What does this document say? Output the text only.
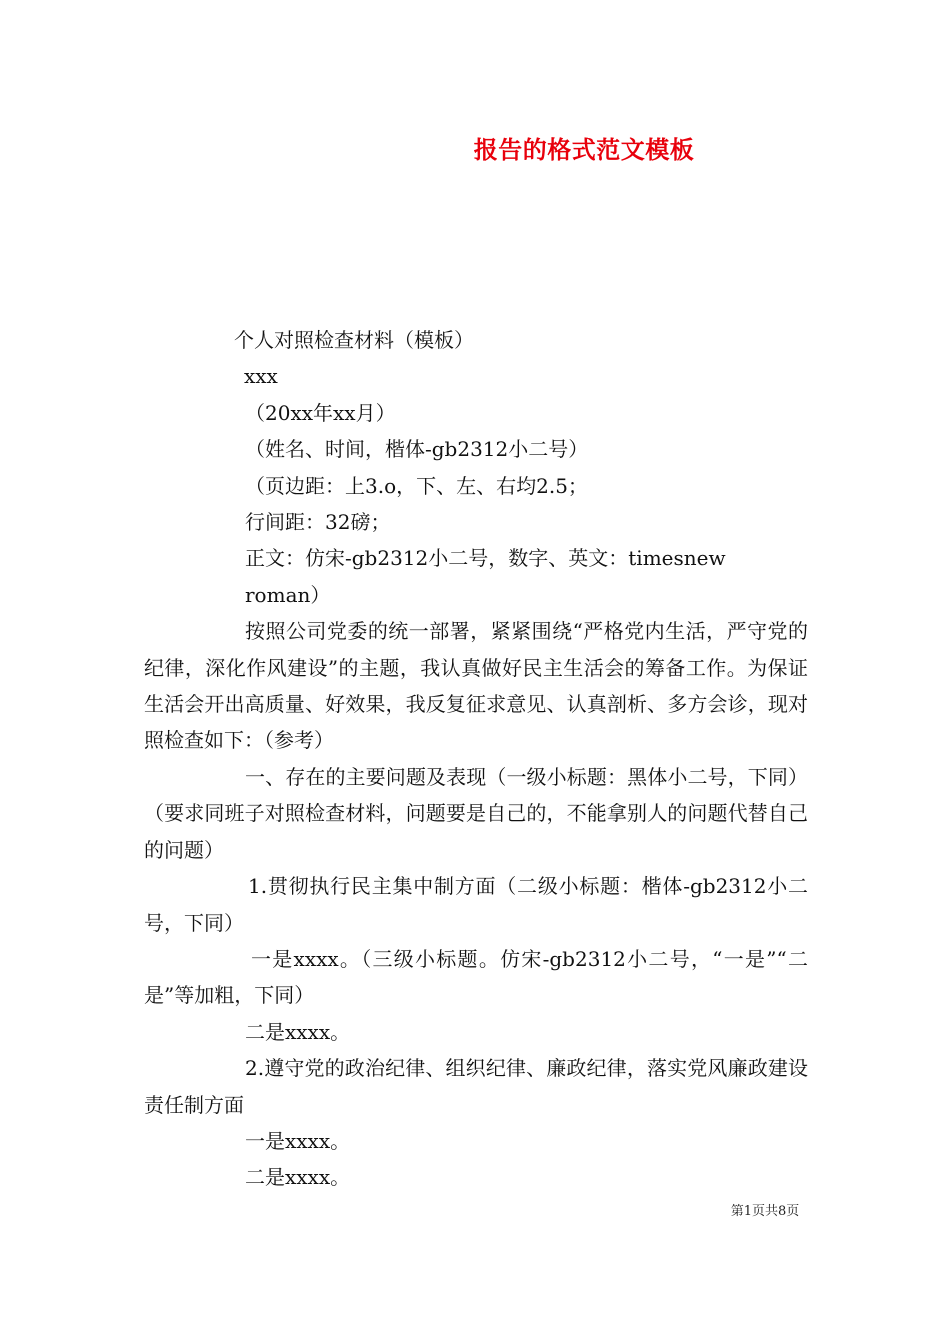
报告的格式范文模板

个人对照检查材料（模板）

xxx

（20xx年xx月）

（姓名、时间，楷体-gb2312小二号）

（页边距：上3.o，下、左、右均2.5；

行间距：32磅；

正文：仿宋-gb2312小二号，数字、英文：timesnew

roman）

按照公司党委的统一部署，紧紧围绕“严格党内生活，严守党的纪律，深化作风建设”的主题，我认真做好民主生活会的筹备工作。为保证生活会开出高质量、好效果，我反复征求意见、认真剖析、多方会诊，现对照检查如下：（参考）

一、存在的主要问题及表现（一级小标题：黑体小二号，下同）（要求同班子对照检查材料，问题要是自己的，不能拿别人的问题代替自己的问题）

1.贯彻执行民主集中制方面（二级小标题：楷体-gb2312小二号，下同）

一是xxxx。（三级小标题。仿宋-gb2312小二号，“一是”“二是”等加粗，下同）

二是xxxx。

2.遵守党的政治纪律、组织纪律、廉政纪律，落实党风廉政建设责任制方面

一是xxxx。

二是xxxx。

第1页共8页
